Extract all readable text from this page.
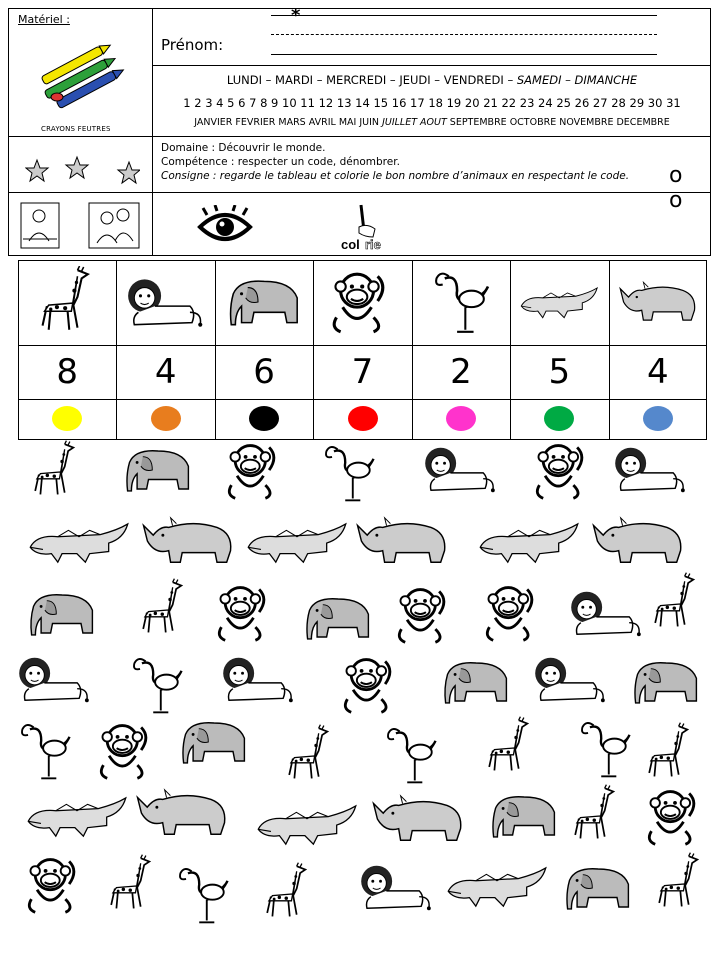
Matériel :
CRAYONS FEUTRES
Prénom:
*
LUNDI – MARDI – MERCREDI – JEUDI – VENDREDI – SAMEDI – DIMANCHE
1 2 3 4 5 6 7 8 9 10 11 12 13 14 15 16 17 18 19 20 21 22 23 24 25 26 27 28 29 30 31
JANVIER FEVRIER MARS AVRIL MAI JUIN JUILLET AOUT SEPTEMBRE OCTOBRE NOVEMBRE DECEMBRE
Domaine : Découvrir le monde.
Compétence : respecter un code, dénombrer.
Consigne : regarde le tableau et colorie le bon nombre d’animaux en respectant le code. o o
col rie
8	4	6	7	2	5	4
